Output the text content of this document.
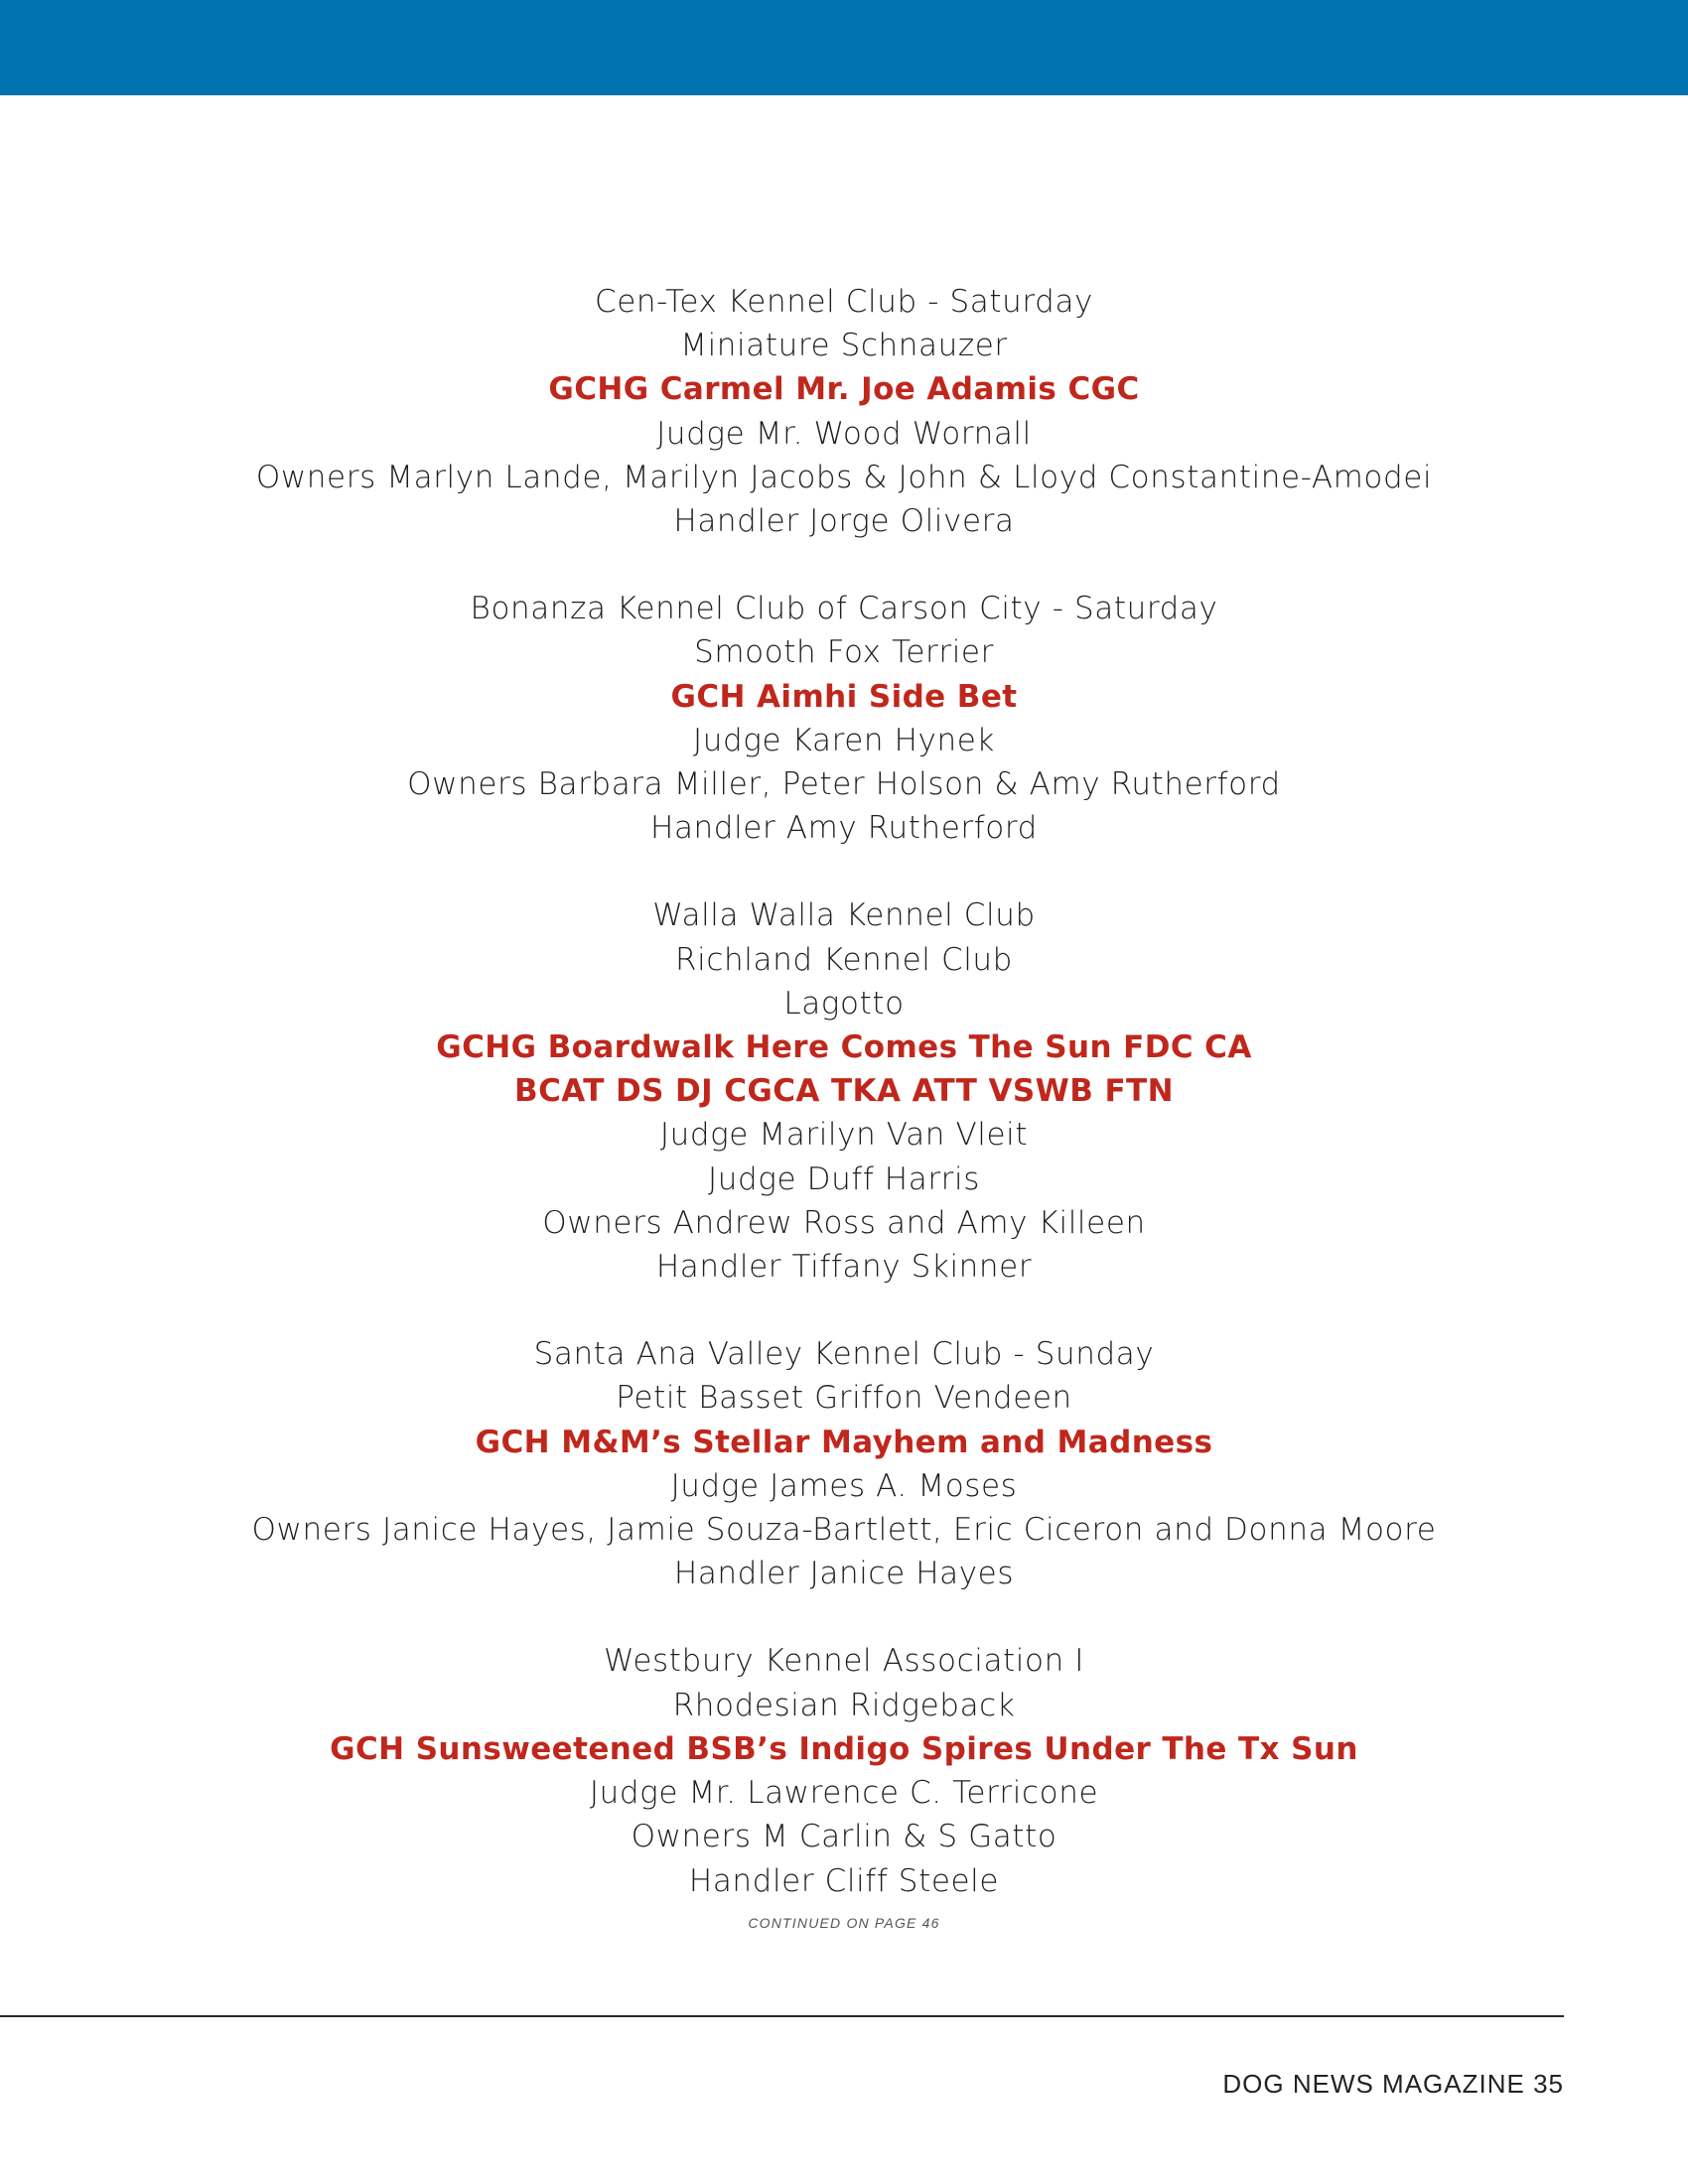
Cen-Tex Kennel Club - Saturday
Miniature Schnauzer
GCHG Carmel Mr. Joe Adamis CGC
Judge Mr. Wood Wornall
Owners Marlyn Lande, Marilyn Jacobs & John & Lloyd Constantine-Amodei
Handler Jorge Olivera
Bonanza Kennel Club of Carson City - Saturday
Smooth Fox Terrier
GCH Aimhi Side Bet
Judge Karen Hynek
Owners Barbara Miller, Peter Holson & Amy Rutherford
Handler Amy Rutherford
Walla Walla Kennel Club
Richland Kennel Club
Lagotto
GCHG Boardwalk Here Comes The Sun FDC CA
BCAT DS DJ CGCA TKA ATT VSWB FTN
Judge Marilyn Van Vleit
Judge Duff Harris
Owners Andrew Ross and Amy Killeen
Handler Tiffany Skinner
Santa Ana Valley Kennel Club - Sunday
Petit Basset Griffon Vendeen
GCH M&M’s Stellar Mayhem and Madness
Judge James A. Moses
Owners Janice Hayes, Jamie Souza-Bartlett, Eric Ciceron and Donna Moore
Handler Janice Hayes
Westbury Kennel Association I
Rhodesian Ridgeback
GCH Sunsweetened BSB’s Indigo Spires Under The Tx Sun
Judge Mr. Lawrence C. Terricone
Owners M Carlin & S Gatto
Handler Cliff Steele
CONTINUED ON PAGE 46
DOG NEWS MAGAZINE 35
